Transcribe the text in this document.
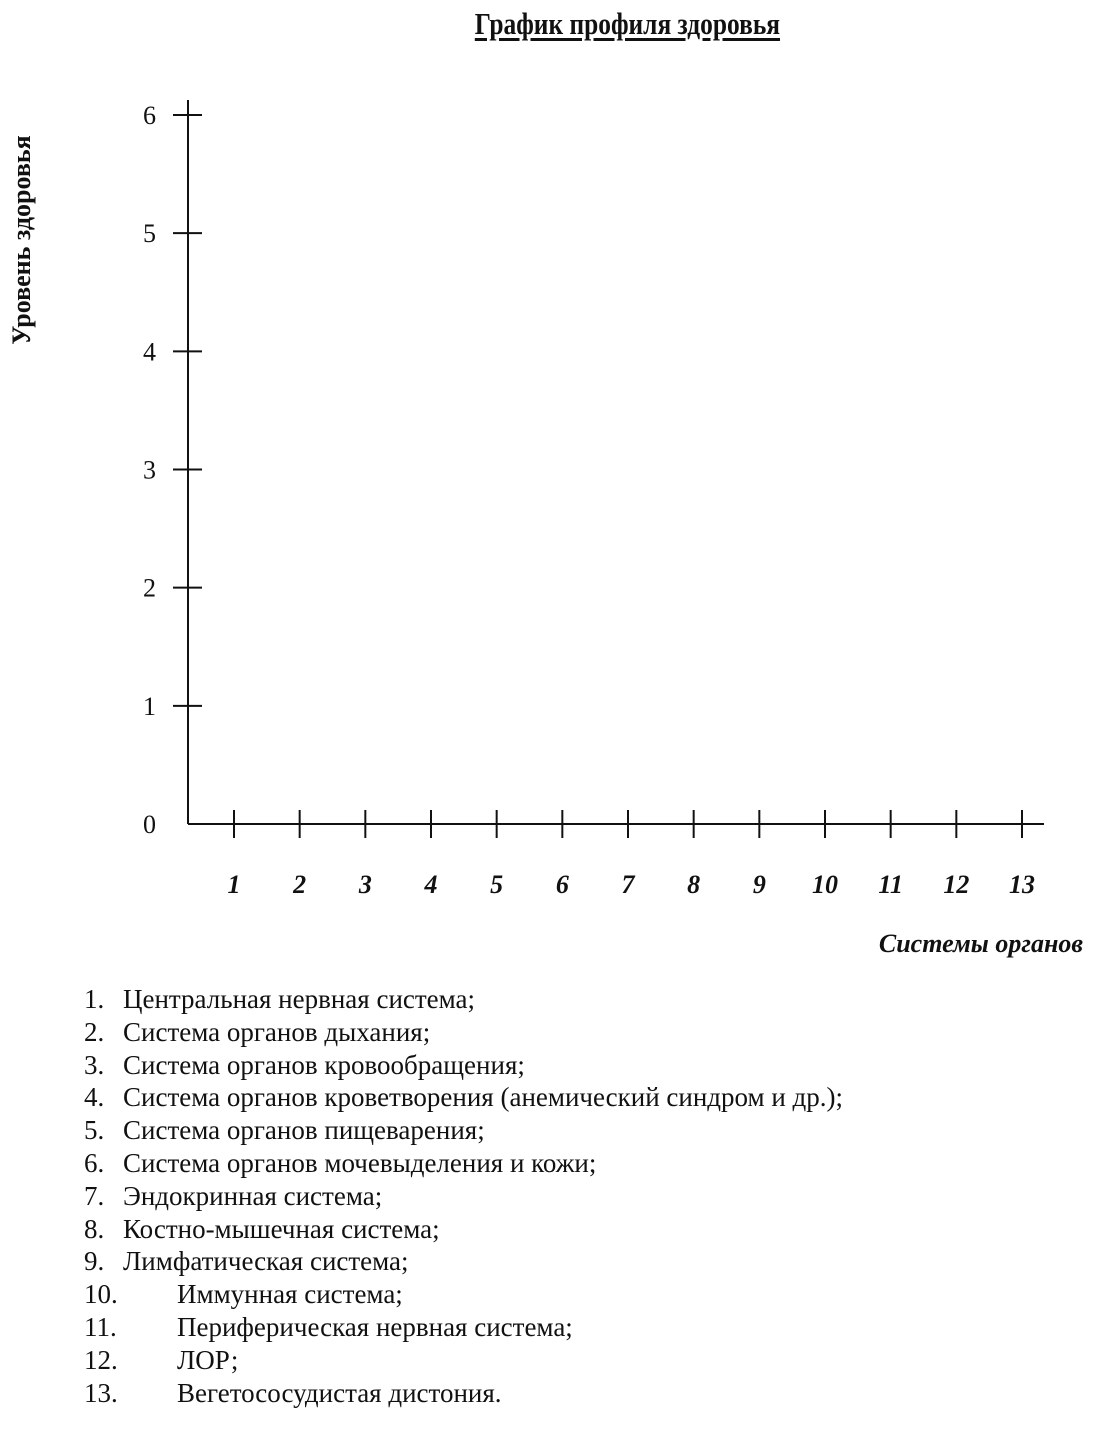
График профиля здоровья
0
1
2
3
4
5
6
1 2 3 4 5 6 7 8 9 10 11 12 13
Уровень здоровья
Системы органов
1. Центральная нервная система;
2. Система органов дыхания;
3. Система органов кровообращения;
4. Система органов кроветворения (анемический синдром и др.);
5. Система органов пищеварения;
6. Система органов мочевыделения и кожи;
7. Эндокринная система;
8. Костно-мышечная система;
9. Лимфатическая система;
10. Иммунная система;
11. Периферическая нервная система;
12. ЛОР;
13. Вегетососудистая дистония.
